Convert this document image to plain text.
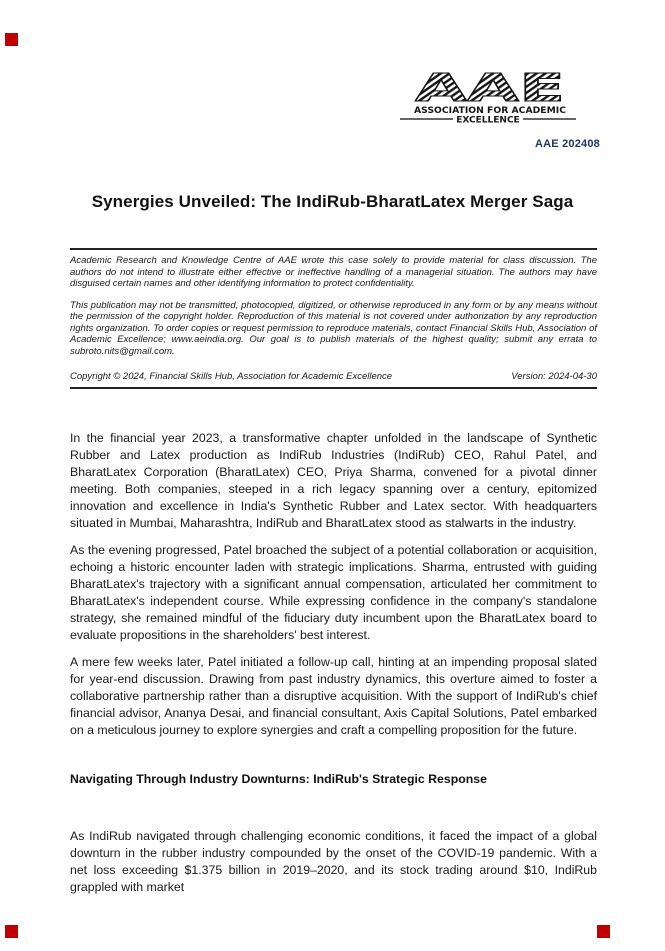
AAE
ASSOCIATION FOR ACADEMIC
EXCELLENCE
AAE 202408
Synergies Unveiled: The IndiRub-BharatLatex Merger Saga

Academic Research and Knowledge Centre of AAE wrote this case solely to provide material for class discussion. The authors do not intend to illustrate either effective or ineffective handling of a managerial situation. The authors may have disguised certain names and other identifying information to protect confidentiality.

This publication may not be transmitted, photocopied, digitized, or otherwise reproduced in any form or by any means without the permission of the copyright holder. Reproduction of this material is not covered under authorization by any reproduction rights organization. To order copies or request permission to reproduce materials, contact Financial Skills Hub, Association of Academic Excellence; www.aeindia.org. Our goal is to publish materials of the highest quality; submit any errata to subroto.nits@gmail.com.

Copyright © 2024, Financial Skills Hub, Association for Academic Excellence	Version: 2024-04-30

In the financial year 2023, a transformative chapter unfolded in the landscape of Synthetic Rubber and Latex production as IndiRub Industries (IndiRub) CEO, Rahul Patel, and BharatLatex Corporation (BharatLatex) CEO, Priya Sharma, convened for a pivotal dinner meeting. Both companies, steeped in a rich legacy spanning over a century, epitomized innovation and excellence in India's Synthetic Rubber and Latex sector. With headquarters situated in Mumbai, Maharashtra, IndiRub and BharatLatex stood as stalwarts in the industry.

As the evening progressed, Patel broached the subject of a potential collaboration or acquisition, echoing a historic encounter laden with strategic implications. Sharma, entrusted with guiding BharatLatex's trajectory with a significant annual compensation, articulated her commitment to BharatLatex's independent course. While expressing confidence in the company's standalone strategy, she remained mindful of the fiduciary duty incumbent upon the BharatLatex board to evaluate propositions in the shareholders' best interest.

A mere few weeks later, Patel initiated a follow-up call, hinting at an impending proposal slated for year-end discussion. Drawing from past industry dynamics, this overture aimed to foster a collaborative partnership rather than a disruptive acquisition. With the support of IndiRub's chief financial advisor, Ananya Desai, and financial consultant, Axis Capital Solutions, Patel embarked on a meticulous journey to explore synergies and craft a compelling proposition for the future.

Navigating Through Industry Downturns: IndiRub's Strategic Response

As IndiRub navigated through challenging economic conditions, it faced the impact of a global downturn in the rubber industry compounded by the onset of the COVID-19 pandemic. With a net loss exceeding $1.375 billion in 2019–2020, and its stock trading around $10, IndiRub grappled with market
